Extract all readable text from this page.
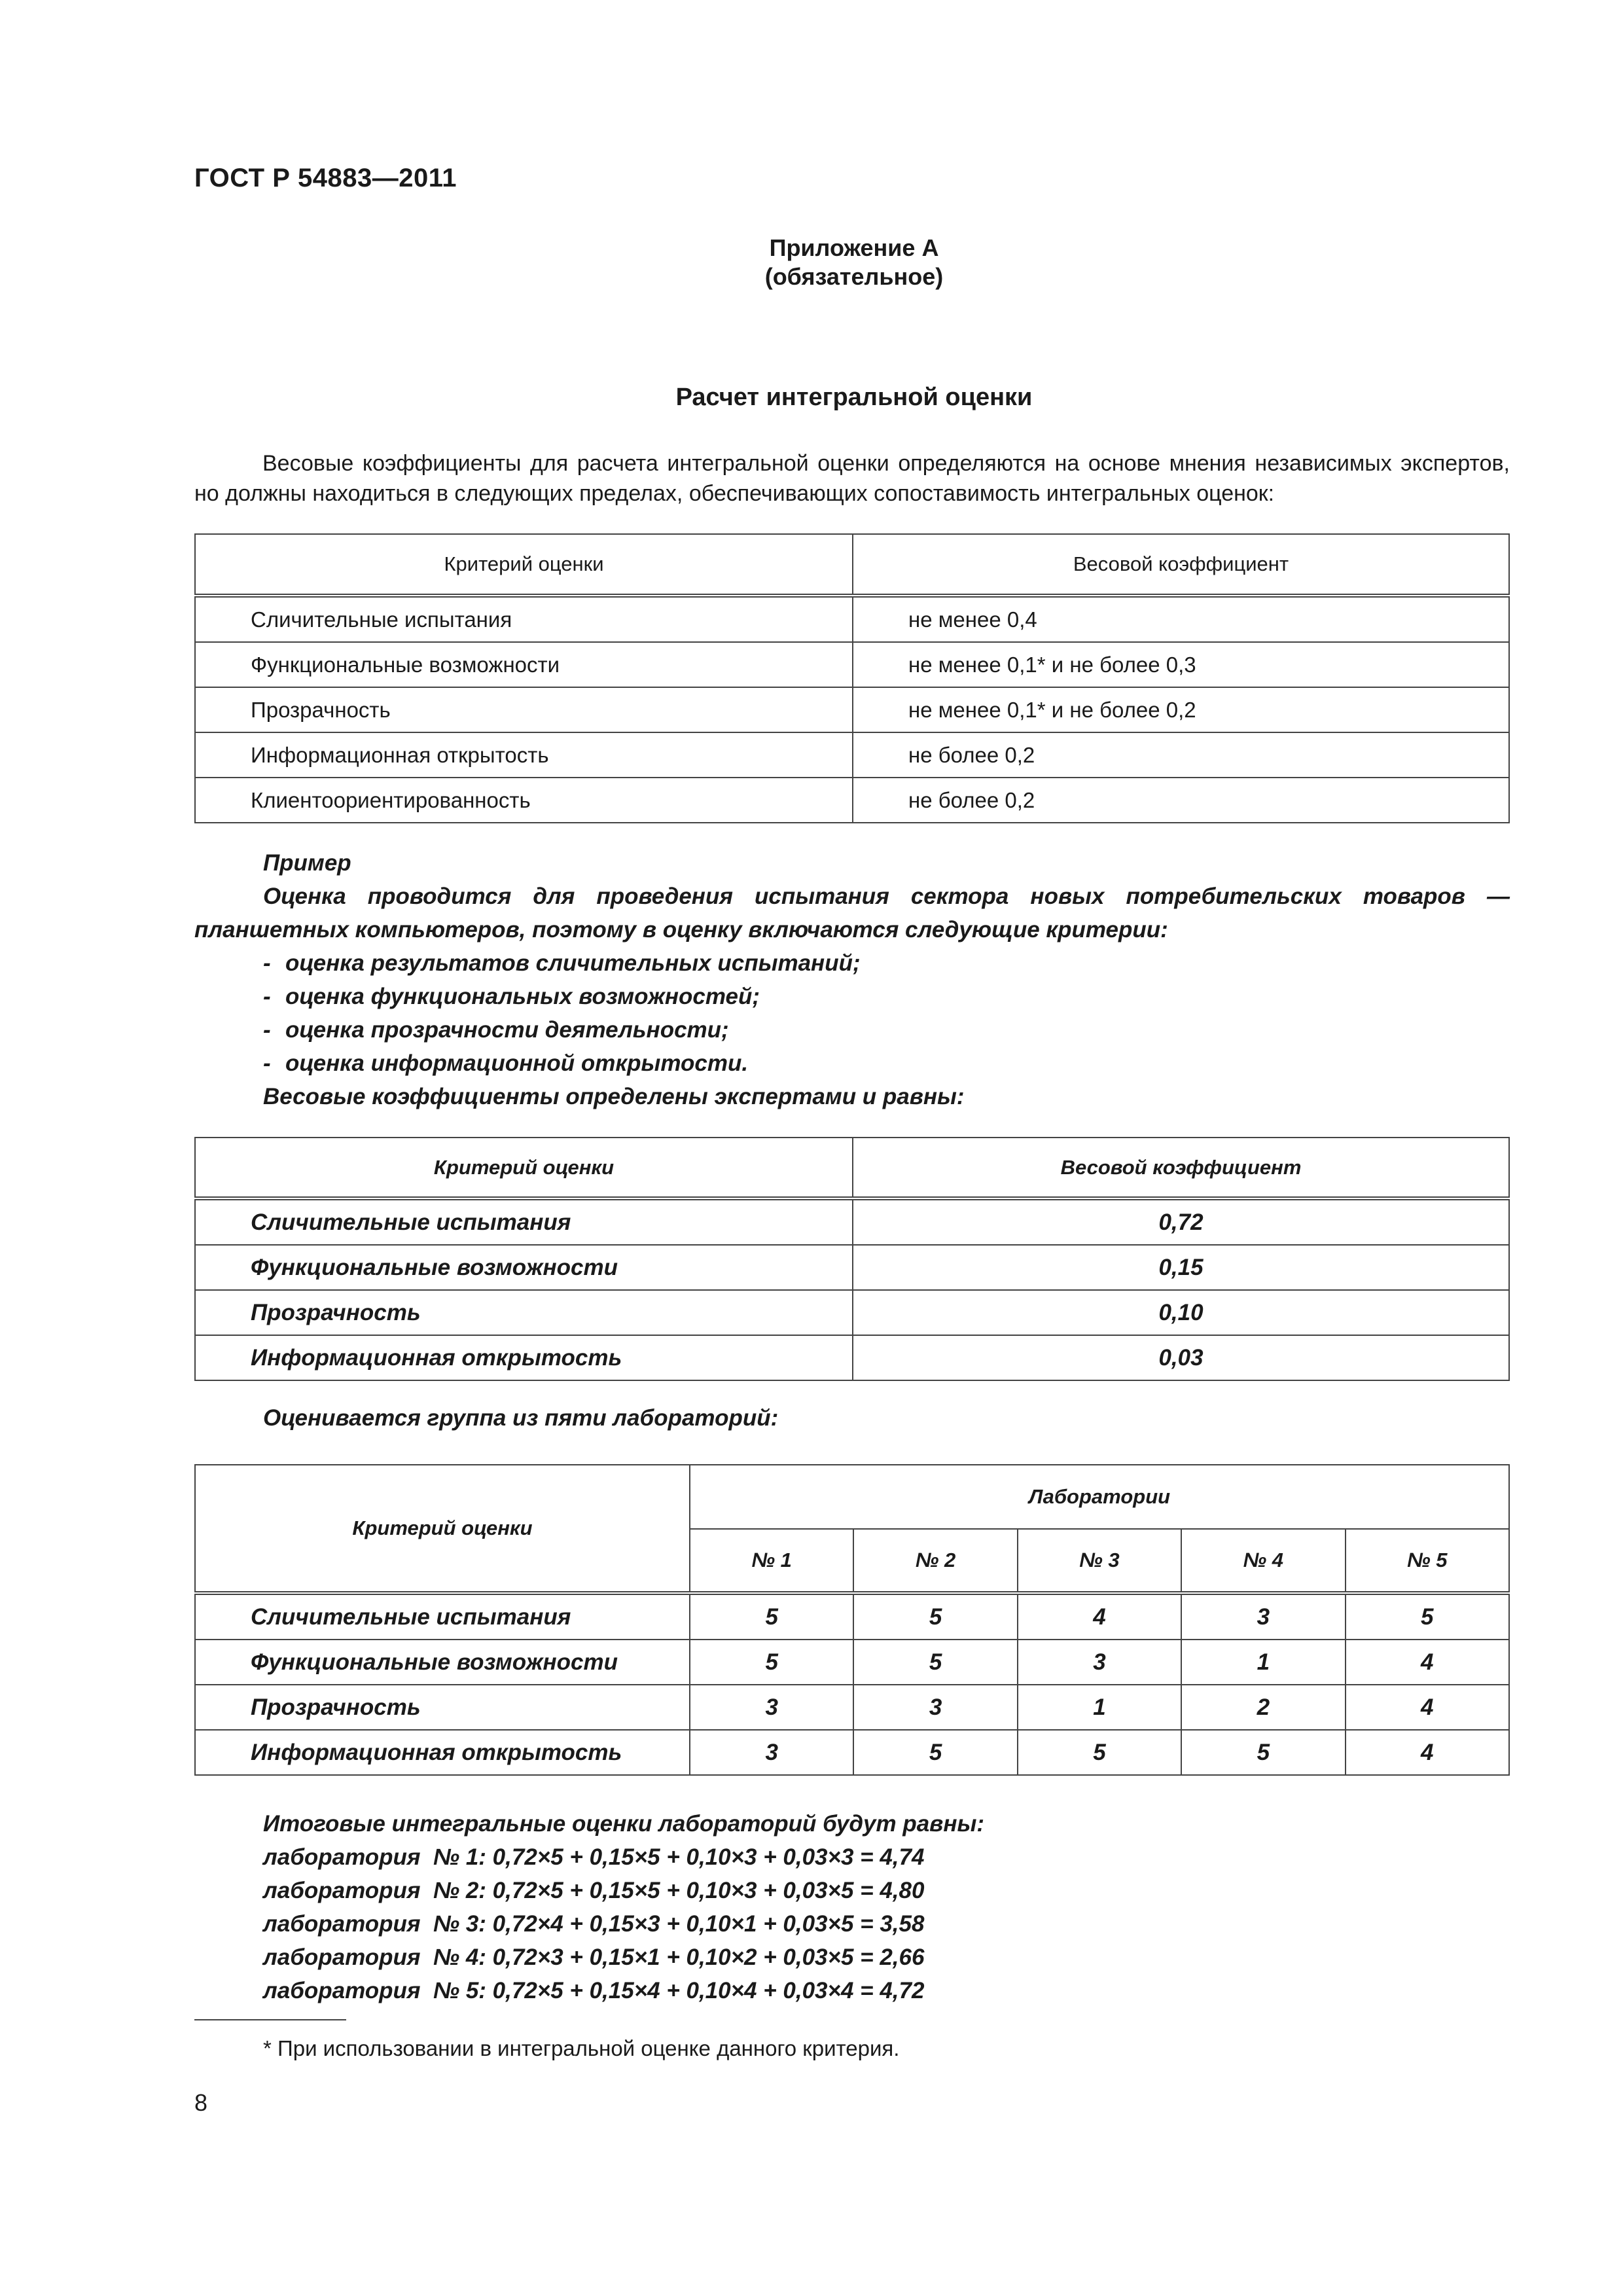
ГОСТ Р 54883—2011
Приложение А
(обязательное)
Расчет интегральной оценки

Весовые коэффициенты для расчета интегральной оценки определяются на основе мнения независимых экспертов, но должны находиться в следующих пределах, обеспечивающих сопоставимость интегральных оценок:

Критерий оценки	Весовой коэффициент
Сличительные испытания	не менее 0,4
Функциональные возможности	не менее 0,1* и не более 0,3
Прозрачность	не менее 0,1* и не более 0,2
Информационная открытость	не более 0,2
Клиентоориентированность	не более 0,2

Пример

Оценка проводится для проведения испытания сектора новых потребительских товаров — планшетных компьютеров, поэтому в оценку включаются следующие критерии:

- оценка результатов сличительных испытаний;
- оценка функциональных возможностей;
- оценка прозрачности деятельности;
- оценка информационной открытости.

Весовые коэффициенты определены экспертами и равны:

Критерий оценки	Весовой коэффициент
Сличительные испытания	0,72
Функциональные возможности	0,15
Прозрачность	0,10
Информационная открытость	0,03
Оценивается группа из пяти лабораторий:
Критерий оценки	Лаборатории				
	№ 1	№ 2	№ 3	№ 4	№ 5
Сличительные испытания	5	5	4	3	5
Функциональные возможности	5	5	3	1	4
Прозрачность	3	3	1	2	4
Информационная открытость	3	5	5	5	4

Итоговые интегральные оценки лабораторий будут равны:

лаборатория  № 1: 0,72×5 + 0,15×5 + 0,10×3 + 0,03×3 = 4,74

лаборатория  № 2: 0,72×5 + 0,15×5 + 0,10×3 + 0,03×5 = 4,80

лаборатория  № 3: 0,72×4 + 0,15×3 + 0,10×1 + 0,03×5 = 3,58

лаборатория  № 4: 0,72×3 + 0,15×1 + 0,10×2 + 0,03×5 = 2,66

лаборатория  № 5: 0,72×5 + 0,15×4 + 0,10×4 + 0,03×4 = 4,72

* При использовании в интегральной оценке данного критерия.
8
